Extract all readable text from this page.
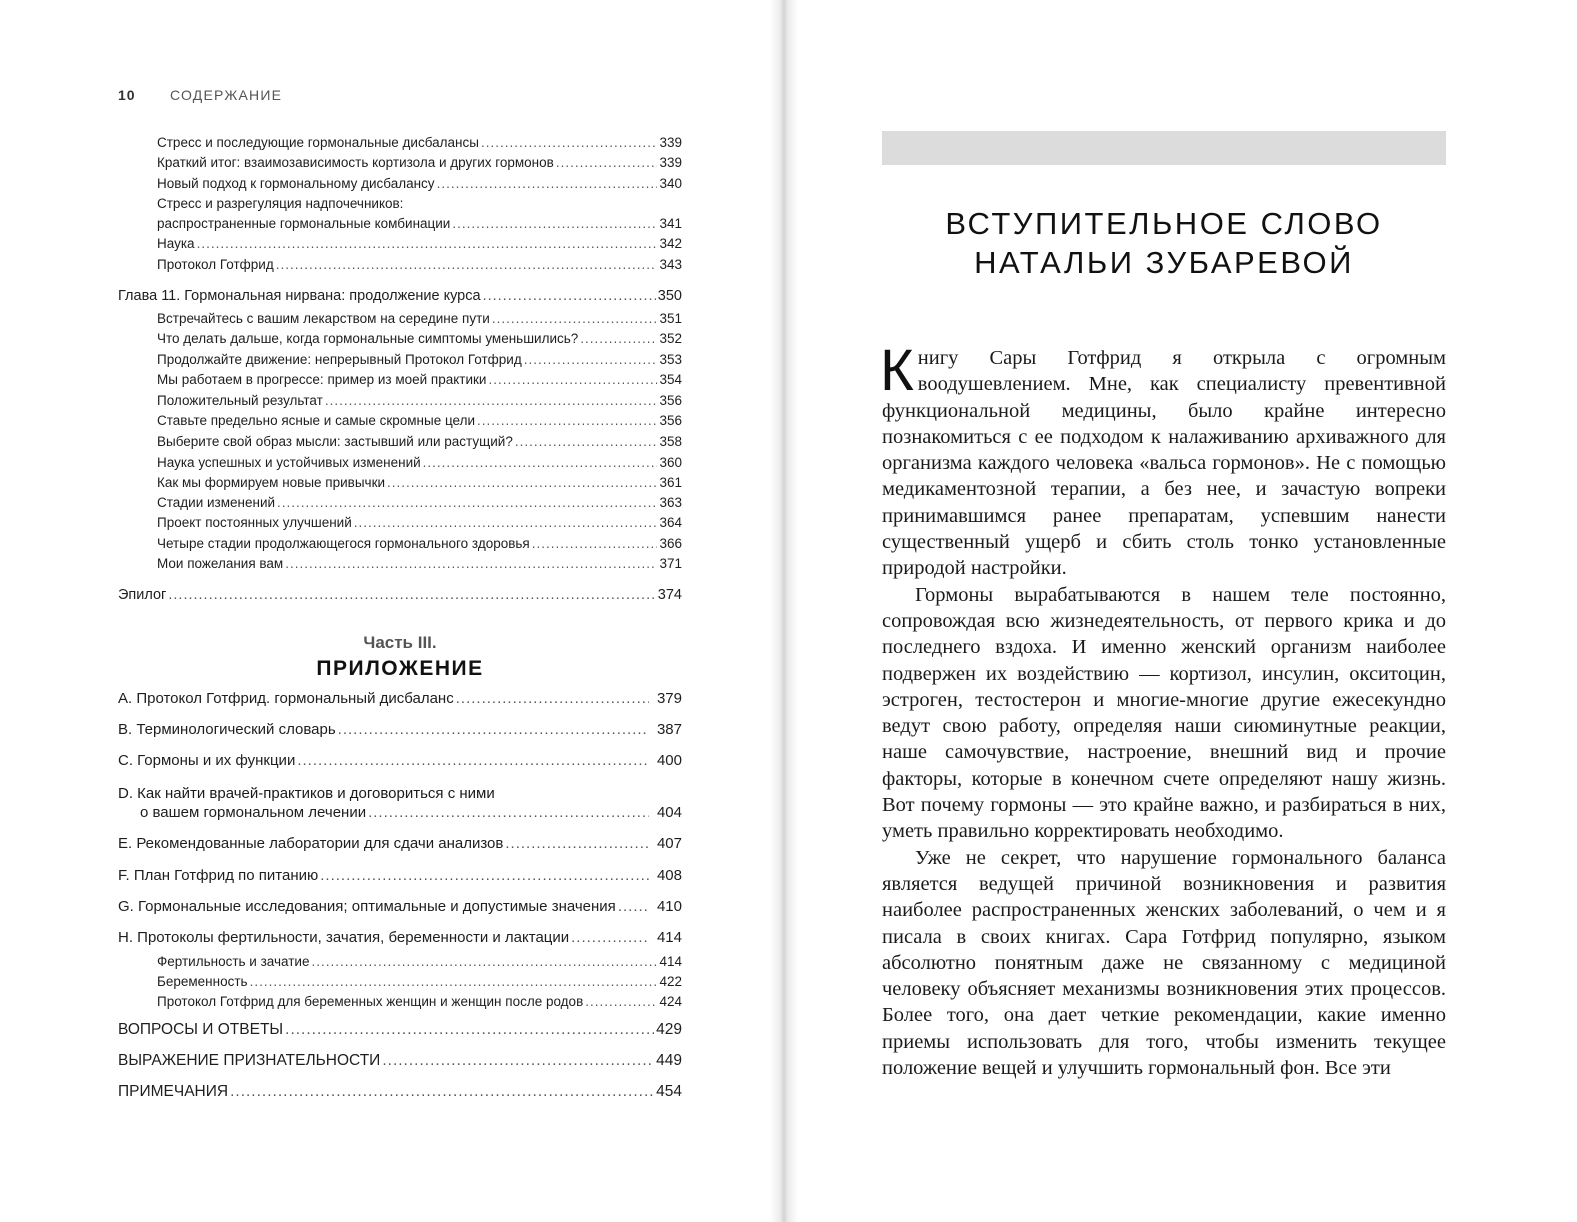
10 СОДЕРЖАНИЕ
Стресс и последующие гормональные дисбалансы .....	339
Краткий итог: взаимозависимость кортизола и других гормонов .....	339
Новый подход к гормональному дисбалансу .....	340
Стресс и разрегуляция надпочечников:
распространенные гормональные комбинации .....	341
Наука .....	342
Протокол Готфрид .....	343
Глава 11. Гормональная нирвана: продолжение курса .....	350
Встречайтесь с вашим лекарством на середине пути .....	351
Что делать дальше, когда гормональные симптомы уменьшились? .....	352
Продолжайте движение: непрерывный Протокол Готфрид .....	353
Мы работаем в прогрессе: пример из моей практики .....	354
Положительный результат .....	356
Ставьте предельно ясные и самые скромные цели .....	356
Выберите свой образ мысли: застывший или растущий? .....	358
Наука успешных и устойчивых изменений .....	360
Как мы формируем новые привычки .....	361
Стадии изменений .....	363
Проект постоянных улучшений .....	364
Четыре стадии продолжающегося гормонального здоровья .....	366
Мои пожелания вам .....	371
Эпилог .....	374
Часть III.
ПРИЛОЖЕНИЕ
A. Протокол Готфрид. гормональный дисбаланс .....	379
B. Терминологический словарь .....	387
C. Гормоны и их функции .....	400
D. Как найти врачей-практиков и договориться с ними
о вашем гормональном лечении .....	404
E. Рекомендованные лаборатории для сдачи анализов .....	407
F. План Готфрид по питанию .....	408
G. Гормональные исследования; оптимальные и допустимые значения .....	410
H. Протоколы фертильности, зачатия, беременности и лактации .....	414
Фертильность и зачатие .....	414
Беременность .....	422
Протокол Готфрид для беременных женщин и женщин после родов .....	424
ВОПРОСЫ И ОТВЕТЫ .....	429
ВЫРАЖЕНИЕ ПРИЗНАТЕЛЬНОСТИ .....	449
ПРИМЕЧАНИЯ .....	454
ВСТУПИТЕЛЬНОЕ СЛОВО
НАТАЛЬИ ЗУБАРЕВОЙ

Книгу Сары Готфрид я открыла с огромным воодушевлением. Мне, как специалисту превентивной функциональной медицины, было крайне интересно познакомиться с ее подходом к налаживанию архиважного для организма каждого человека «вальса гормонов». Не с помощью медикаментозной терапии, а без нее, и зачастую вопреки принимавшимся ранее препаратам, успевшим нанести существенный ущерб и сбить столь тонко установленные природой настройки.

Гормоны вырабатываются в нашем теле постоянно, сопровождая всю жизнедеятельность, от первого крика и до последнего вздоха. И именно женский организм наиболее подвержен их воздействию — кортизол, инсулин, окситоцин, эстроген, тестостерон и многие-многие другие ежесекундно ведут свою работу, определяя наши сиюминутные реакции, наше самочувствие, настроение, внешний вид и прочие факторы, которые в конечном счете определяют нашу жизнь. Вот почему гормоны — это крайне важно, и разбираться в них, уметь правильно корректировать необходимо.

Уже не секрет, что нарушение гормонального баланса является ведущей причиной возникновения и развития наиболее распространенных женских заболеваний, о чем и я писала в своих книгах. Сара Готфрид популярно, языком абсолютно понятным даже не связанному с медициной человеку объясняет механизмы возникновения этих процессов. Более того, она дает четкие рекомендации, какие именно приемы использовать для того, чтобы изменить текущее положение вещей и улучшить гормональный фон. Все эти
